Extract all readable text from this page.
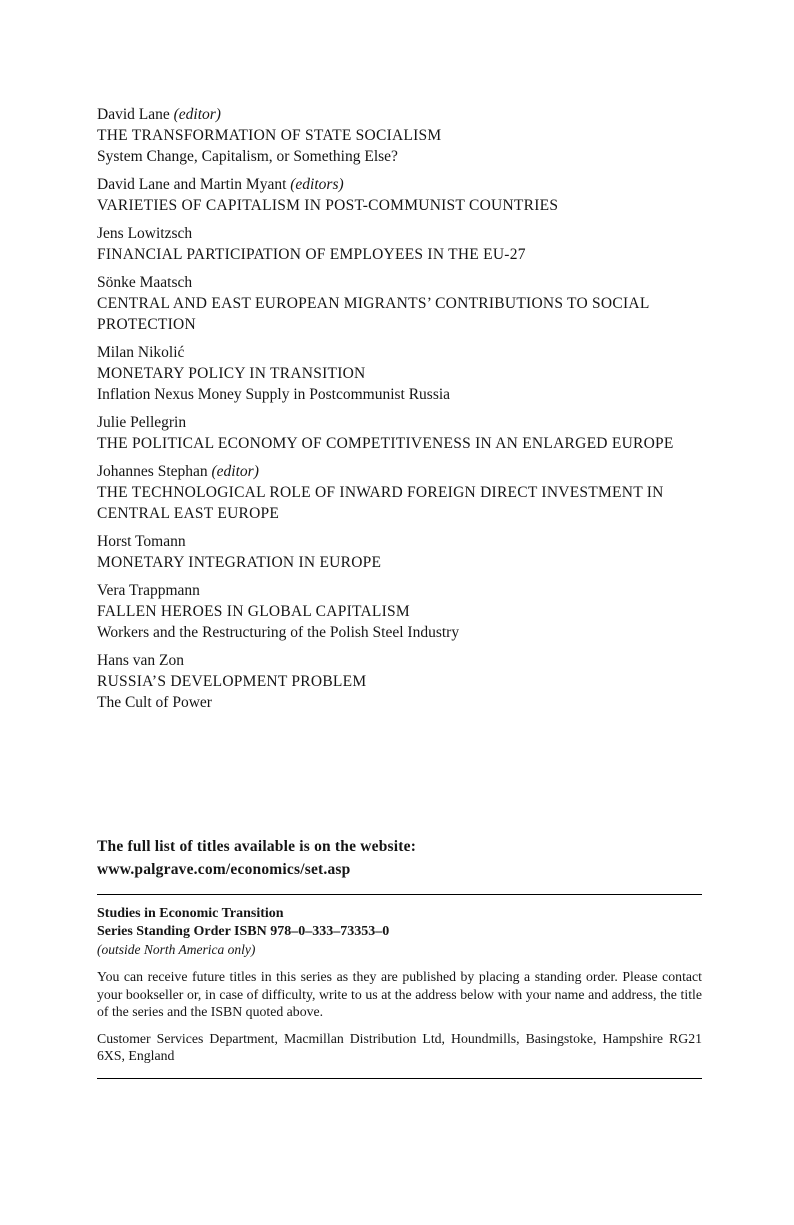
David Lane (editor)
THE TRANSFORMATION OF STATE SOCIALISM
System Change, Capitalism, or Something Else?
David Lane and Martin Myant (editors)
VARIETIES OF CAPITALISM IN POST-COMMUNIST COUNTRIES
Jens Lowitzsch
FINANCIAL PARTICIPATION OF EMPLOYEES IN THE EU-27
Sönke Maatsch
CENTRAL AND EAST EUROPEAN MIGRANTS’ CONTRIBUTIONS TO SOCIAL PROTECTION
Milan Nikolić
MONETARY POLICY IN TRANSITION
Inflation Nexus Money Supply in Postcommunist Russia
Julie Pellegrin
THE POLITICAL ECONOMY OF COMPETITIVENESS IN AN ENLARGED EUROPE
Johannes Stephan (editor)
THE TECHNOLOGICAL ROLE OF INWARD FOREIGN DIRECT INVESTMENT IN CENTRAL EAST EUROPE
Horst Tomann
MONETARY INTEGRATION IN EUROPE
Vera Trappmann
FALLEN HEROES IN GLOBAL CAPITALISM
Workers and the Restructuring of the Polish Steel Industry
Hans van Zon
RUSSIA’S DEVELOPMENT PROBLEM
The Cult of Power
The full list of titles available is on the website:
www.palgrave.com/economics/set.asp
Studies in Economic Transition
Series Standing Order ISBN 978–0–333–73353–0
(outside North America only)
You can receive future titles in this series as they are published by placing a standing order. Please contact your bookseller or, in case of difficulty, write to us at the address below with your name and address, the title of the series and the ISBN quoted above.
Customer Services Department, Macmillan Distribution Ltd, Houndmills, Basingstoke, Hampshire RG21 6XS, England
